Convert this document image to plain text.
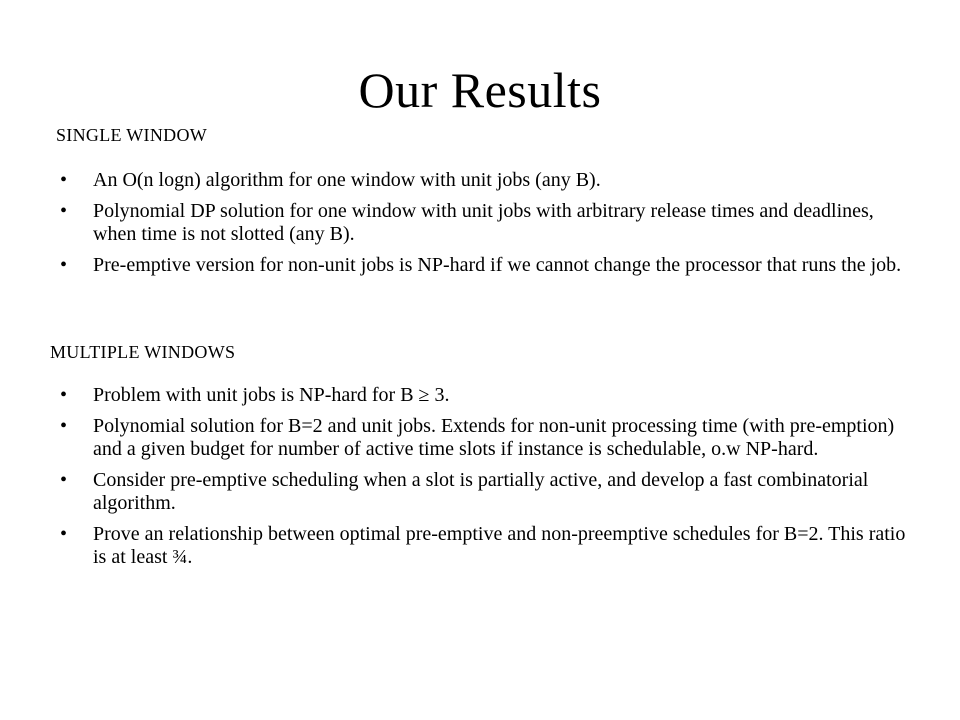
Our Results
SINGLE WINDOW
•	An O(n logn) algorithm for one window with unit jobs (any B).
•	Polynomial DP solution for one window with unit jobs with arbitrary release times and deadlines, when time is not slotted (any B).
•	Pre-emptive version for non-unit jobs is NP-hard if we cannot change the processor that runs the job.
MULTIPLE WINDOWS
•	Problem with unit jobs is NP-hard for B ≥ 3.
•	Polynomial solution for B=2 and unit jobs. Extends for non-unit processing time (with pre-emption) and a given budget for number of active time slots if instance is schedulable, o.w NP-hard.
•	Consider pre-emptive scheduling when a slot is partially active, and develop a fast combinatorial algorithm.
•	Prove an relationship between optimal pre-emptive and non-preemptive schedules for B=2. This ratio is at least ¾.
